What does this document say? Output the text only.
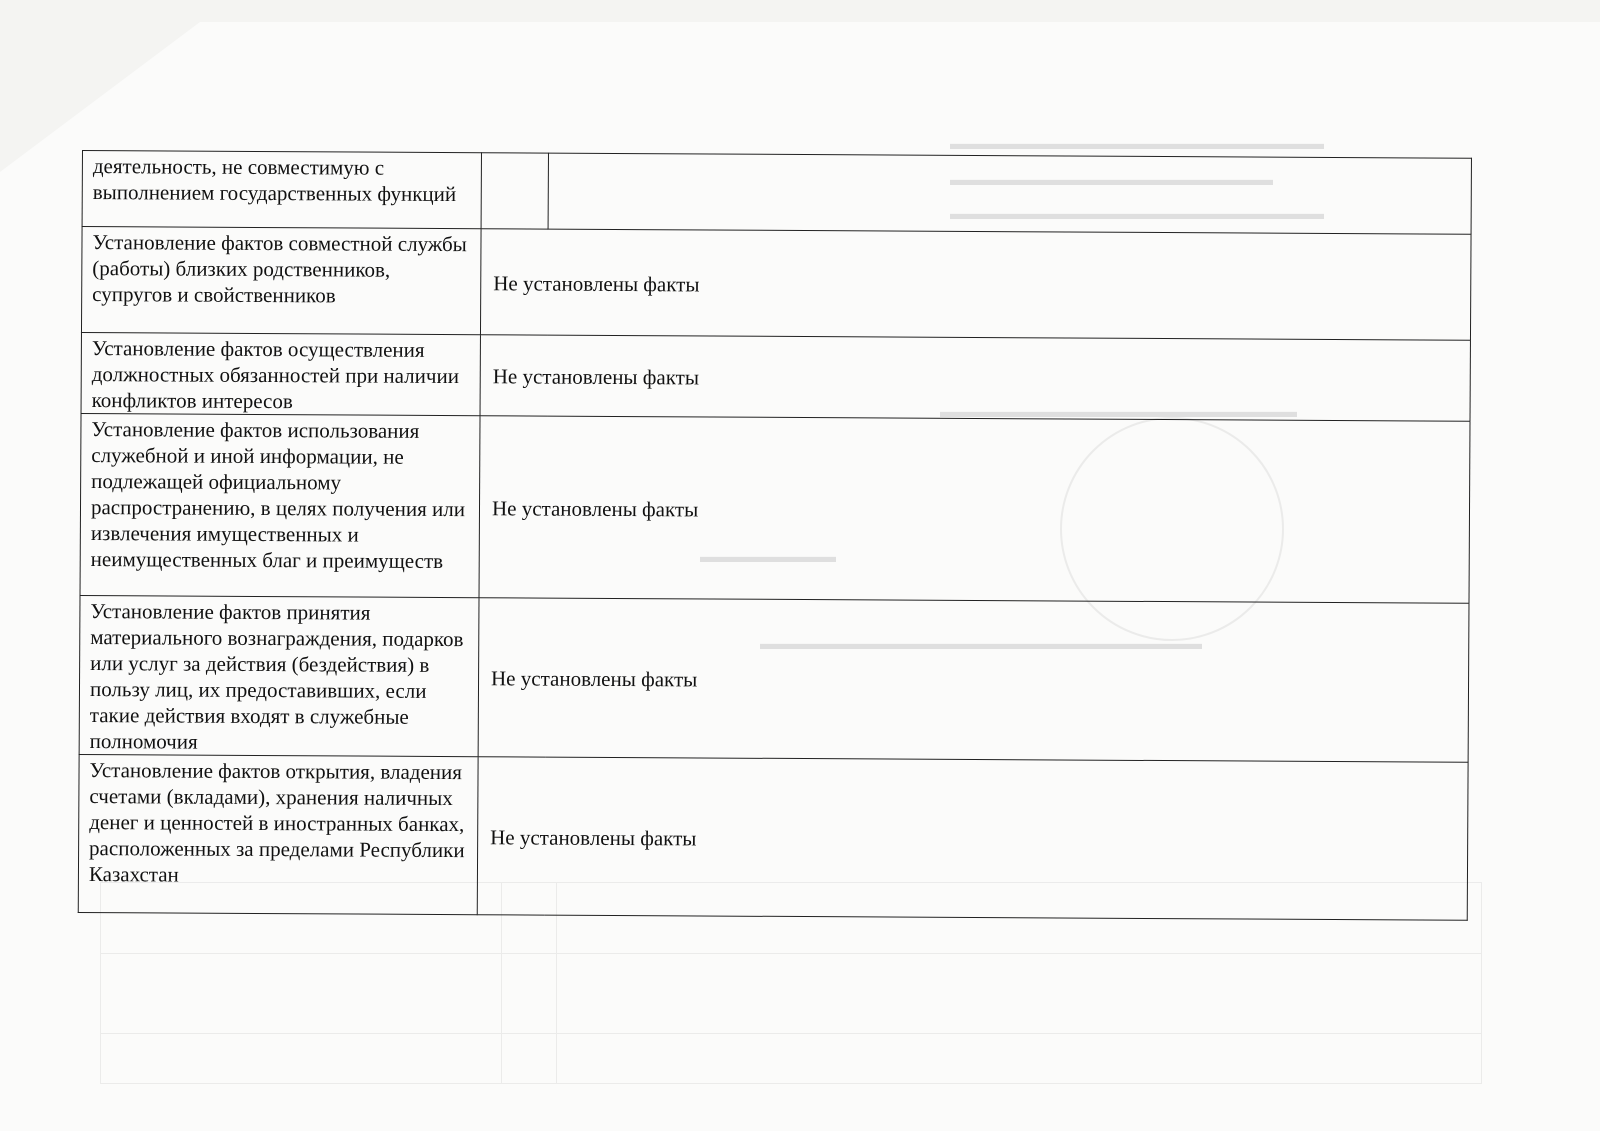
▬▬▬▬▬▬▬▬▬▬▬▬▬▬▬▬▬▬▬▬▬▬
▬▬▬▬▬▬▬▬▬▬▬▬▬▬▬▬▬▬▬
▬▬▬▬▬▬▬▬▬▬▬▬▬▬▬▬▬▬▬▬▬▬
▬▬▬▬▬▬▬▬▬▬▬▬▬▬▬▬▬▬▬▬▬
▬▬▬▬▬▬▬▬
▬▬▬▬▬▬▬▬▬▬▬▬▬▬▬▬▬▬▬▬▬▬▬▬▬▬
деятельность, не совместимую с выполнением государственных функций		
Установление фактов совместной службы (работы) близких родственников, супругов и свойственников	Не установлены факты	
Установление фактов осуществления должностных обязанностей при наличии конфликтов интересов	Не установлены факты	
Установление фактов использования служебной и иной информации, не подлежащей официальному распространению, в целях получения или извлечения имущественных и неимущественных благ и преимуществ	Не установлены факты	
Установление фактов принятия материального вознаграждения, подарков или услуг за действия (бездействия) в пользу лиц, их предоставивших, если такие действия входят в служебные полномочия	Не установлены факты	
Установление фактов открытия, владения счетами (вкладами), хранения наличных денег и ценностей в иностранных банках, расположенных за пределами Республики Казахстан	Не установлены факты	
